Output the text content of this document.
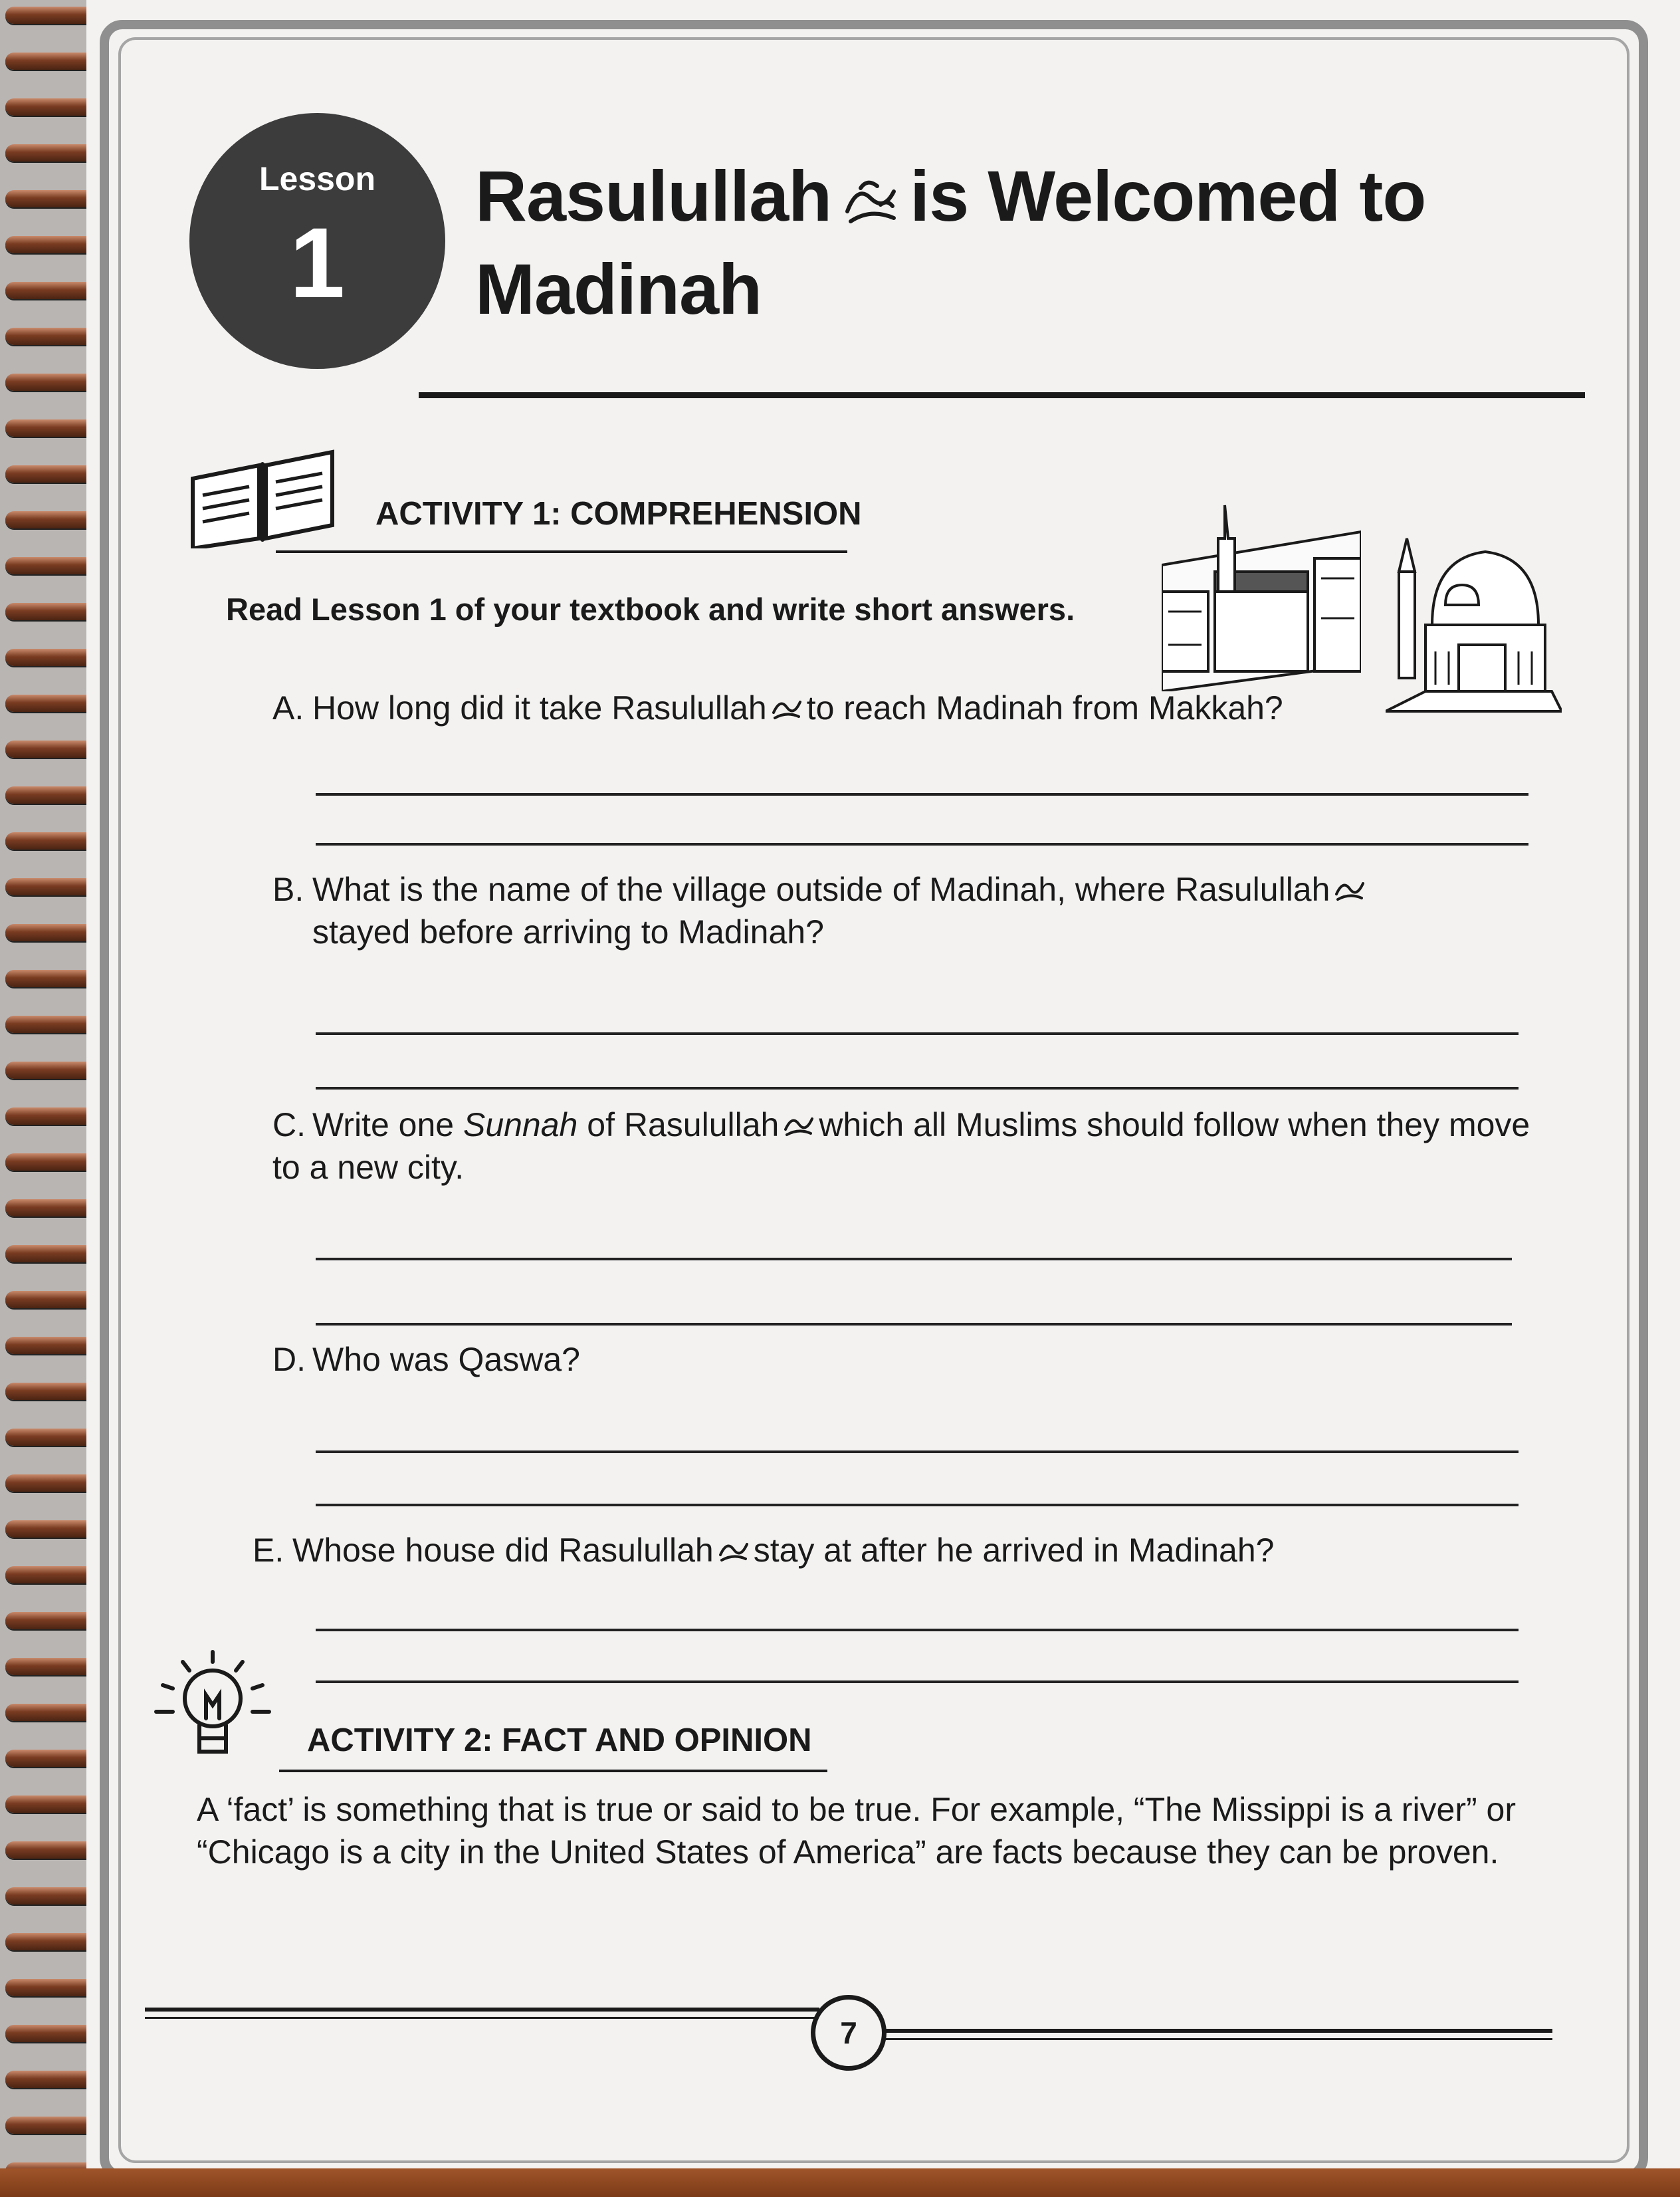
Lesson
1
Rasulullah is Welcomed to
Madinah
ACTIVITY 1: COMPREHENSION
Read Lesson 1 of your textbook and write short answers.
A. How long did it take Rasulullah to reach Madinah from Makkah?
B. What is the name of the village outside of Madinah, where Rasulullah
stayed before arriving to Madinah?
C. Write one Sunnah of Rasulullah which all Muslims should follow when they move to a new city.
D. Who was Qaswa?
E. Whose house did Rasulullah stay at after he arrived in Madinah?
ACTIVITY 2: FACT AND OPINION
A ‘fact’ is something that is true or said to be true. For example, “The Missippi is a river” or “Chicago is a city in the United States of America” are facts because they can be proven.
7
